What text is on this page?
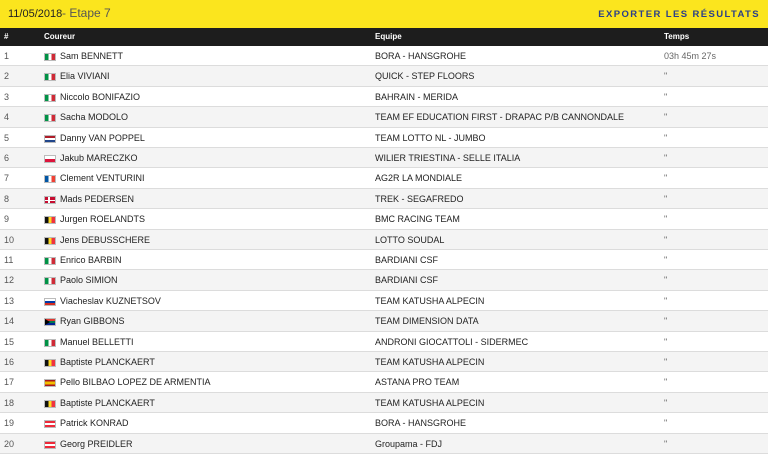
11/05/2018 - Etape 7	EXPORTER LES RÉSULTATS
#	Coureur	Equipe	Temps
1	Sam BENNETT	BORA - HANSGROHE	03h 45m 27s
2	Elia VIVIANI	QUICK - STEP FLOORS	"
3	Niccolo BONIFAZIO	BAHRAIN - MERIDA	"
4	Sacha MODOLO	TEAM EF EDUCATION FIRST - DRAPAC P/B CANNONDALE	"
5	Danny VAN POPPEL	TEAM LOTTO NL - JUMBO	"
6	Jakub MARECZKO	WILIER TRIESTINA - SELLE ITALIA	"
7	Clement VENTURINI	AG2R LA MONDIALE	"
8	Mads PEDERSEN	TREK - SEGAFREDO	"
9	Jurgen ROELANDTS	BMC RACING TEAM	"
10	Jens DEBUSSCHERE	LOTTO SOUDAL	"
11	Enrico BARBIN	BARDIANI CSF	"
12	Paolo SIMION	BARDIANI CSF	"
13	Viacheslav KUZNETSOV	TEAM KATUSHA ALPECIN	"
14	Ryan GIBBONS	TEAM DIMENSION DATA	"
15	Manuel BELLETTI	ANDRONI GIOCATTOLI - SIDERMEC	"
16	Baptiste PLANCKAERT	TEAM KATUSHA ALPECIN	"
17	Pello BILBAO LOPEZ DE ARMENTIA	ASTANA PRO TEAM	"
18	Baptiste PLANCKAERT	TEAM KATUSHA ALPECIN	"
19	Patrick KONRAD	BORA - HANSGROHE	"
20	Georg PREIDLER	Groupama - FDJ	"
